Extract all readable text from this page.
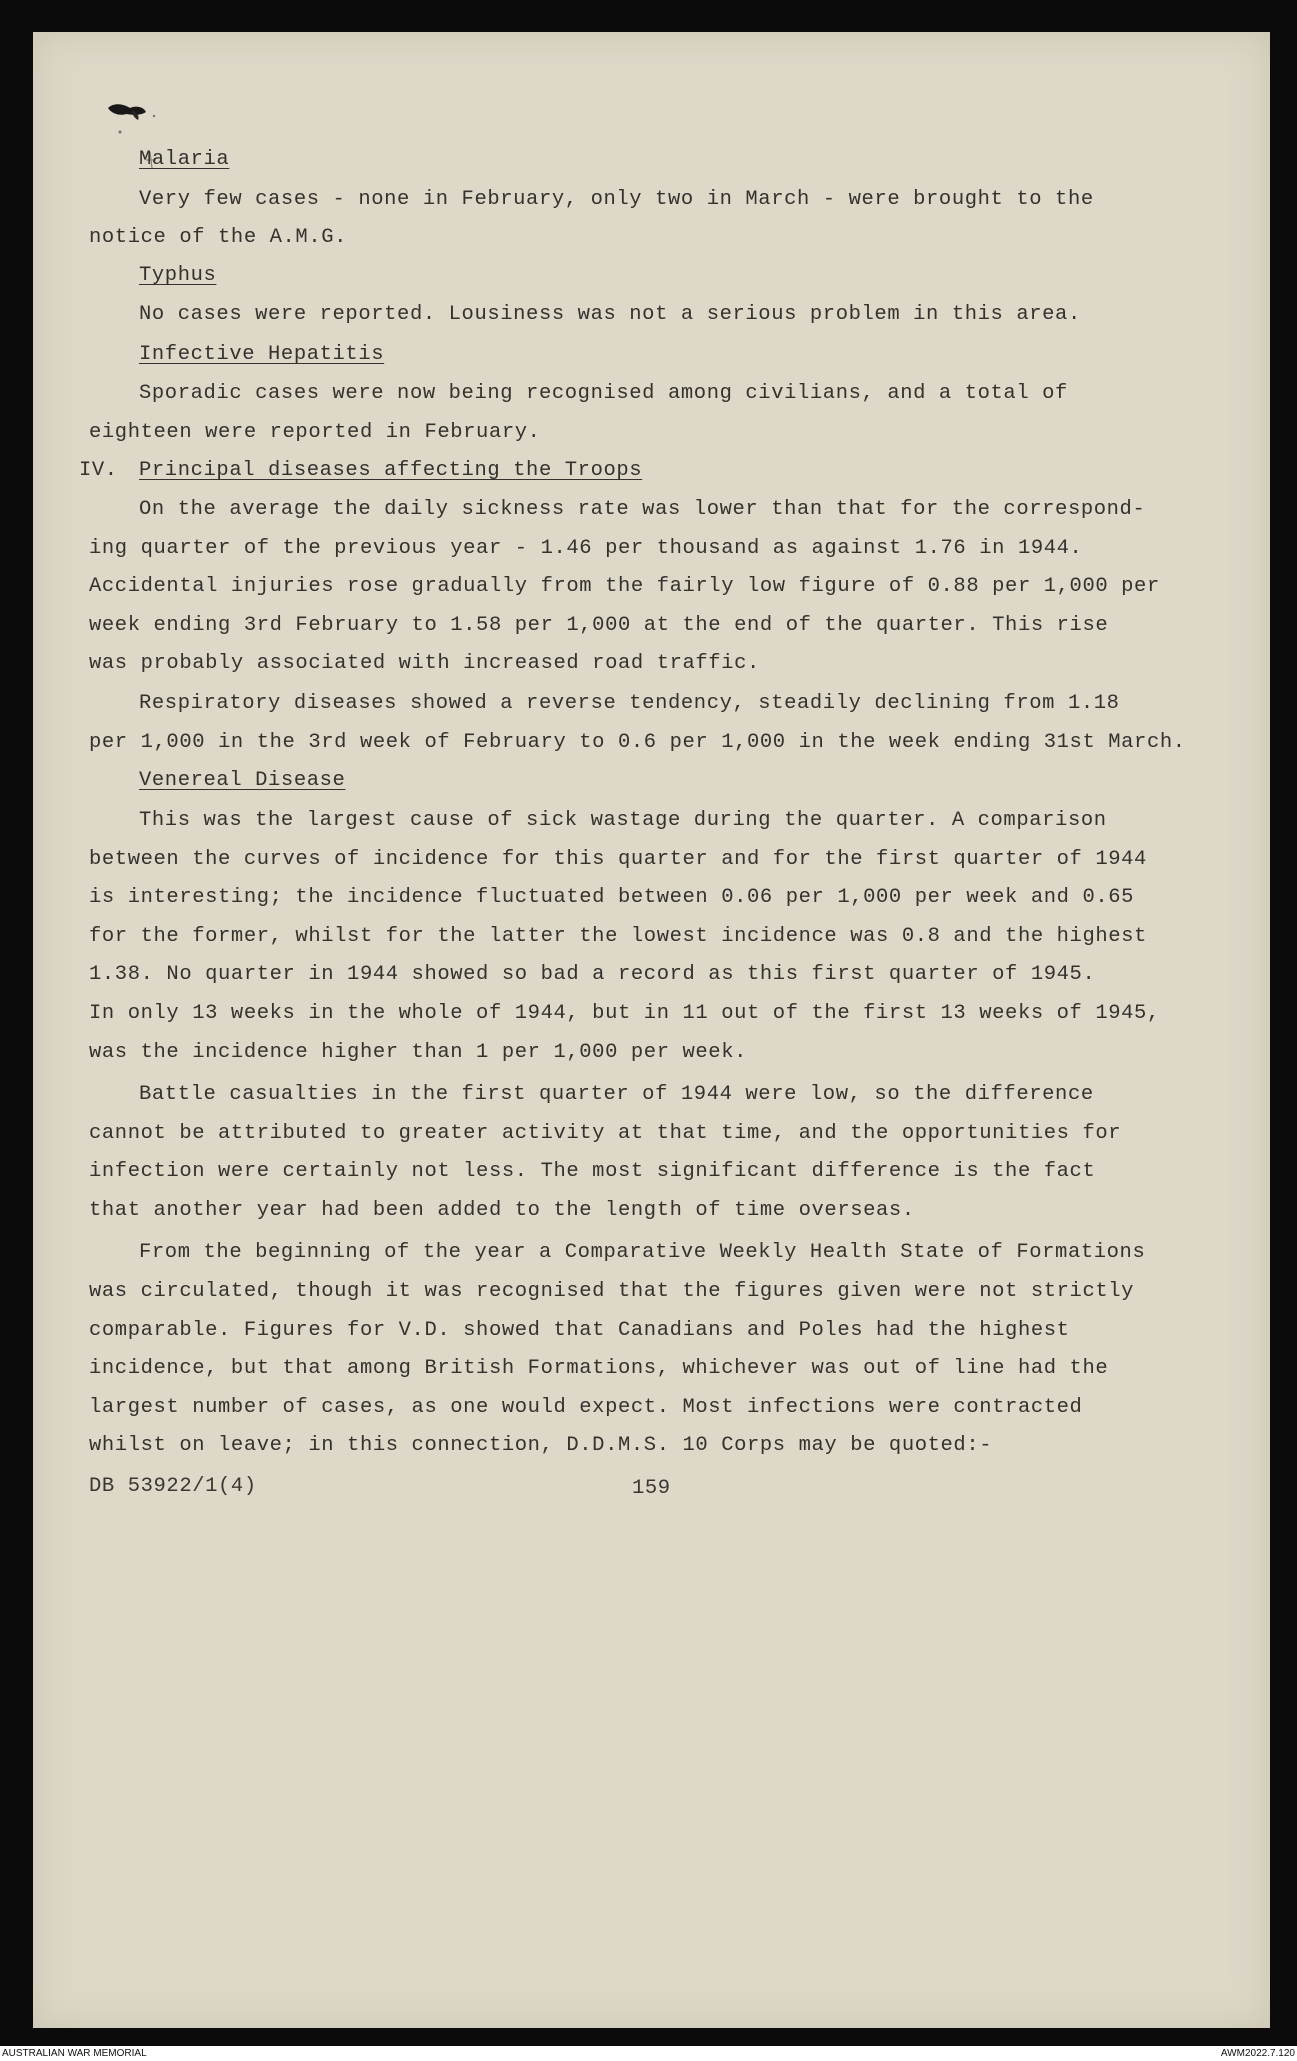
Malaria
Very few cases - none in February, only two in March - were brought to the
notice of the A.M.G.
Typhus
No cases were reported. Lousiness was not a serious problem in this area.
Infective Hepatitis
Sporadic cases were now being recognised among civilians, and a total of
eighteen were reported in February.
IV. Principal diseases affecting the Troops
On the average the daily sickness rate was lower than that for the correspond-
ing quarter of the previous year - 1.46 per thousand as against 1.76 in 1944.
Accidental injuries rose gradually from the fairly low figure of 0.88 per 1,000 per
week ending 3rd February to 1.58 per 1,000 at the end of the quarter. This rise
was probably associated with increased road traffic.
Respiratory diseases showed a reverse tendency, steadily declining from 1.18
per 1,000 in the 3rd week of February to 0.6 per 1,000 in the week ending 31st March.
Venereal Disease
This was the largest cause of sick wastage during the quarter. A comparison
between the curves of incidence for this quarter and for the first quarter of 1944
is interesting; the incidence fluctuated between 0.06 per 1,000 per week and 0.65
for the former, whilst for the latter the lowest incidence was 0.8 and the highest
1.38. No quarter in 1944 showed so bad a record as this first quarter of 1945.
In only 13 weeks in the whole of 1944, but in 11 out of the first 13 weeks of 1945,
was the incidence higher than 1 per 1,000 per week.
Battle casualties in the first quarter of 1944 were low, so the difference
cannot be attributed to greater activity at that time, and the opportunities for
infection were certainly not less. The most significant difference is the fact
that another year had been added to the length of time overseas.
From the beginning of the year a Comparative Weekly Health State of Formations
was circulated, though it was recognised that the figures given were not strictly
comparable. Figures for V.D. showed that Canadians and Poles had the highest
incidence, but that among British Formations, whichever was out of line had the
largest number of cases, as one would expect. Most infections were contracted
whilst on leave; in this connection, D.D.M.S. 10 Corps may be quoted:-
DB 53922/1(4)	159
AUSTRALIAN WAR MEMORIAL	AWM2022.7.120
